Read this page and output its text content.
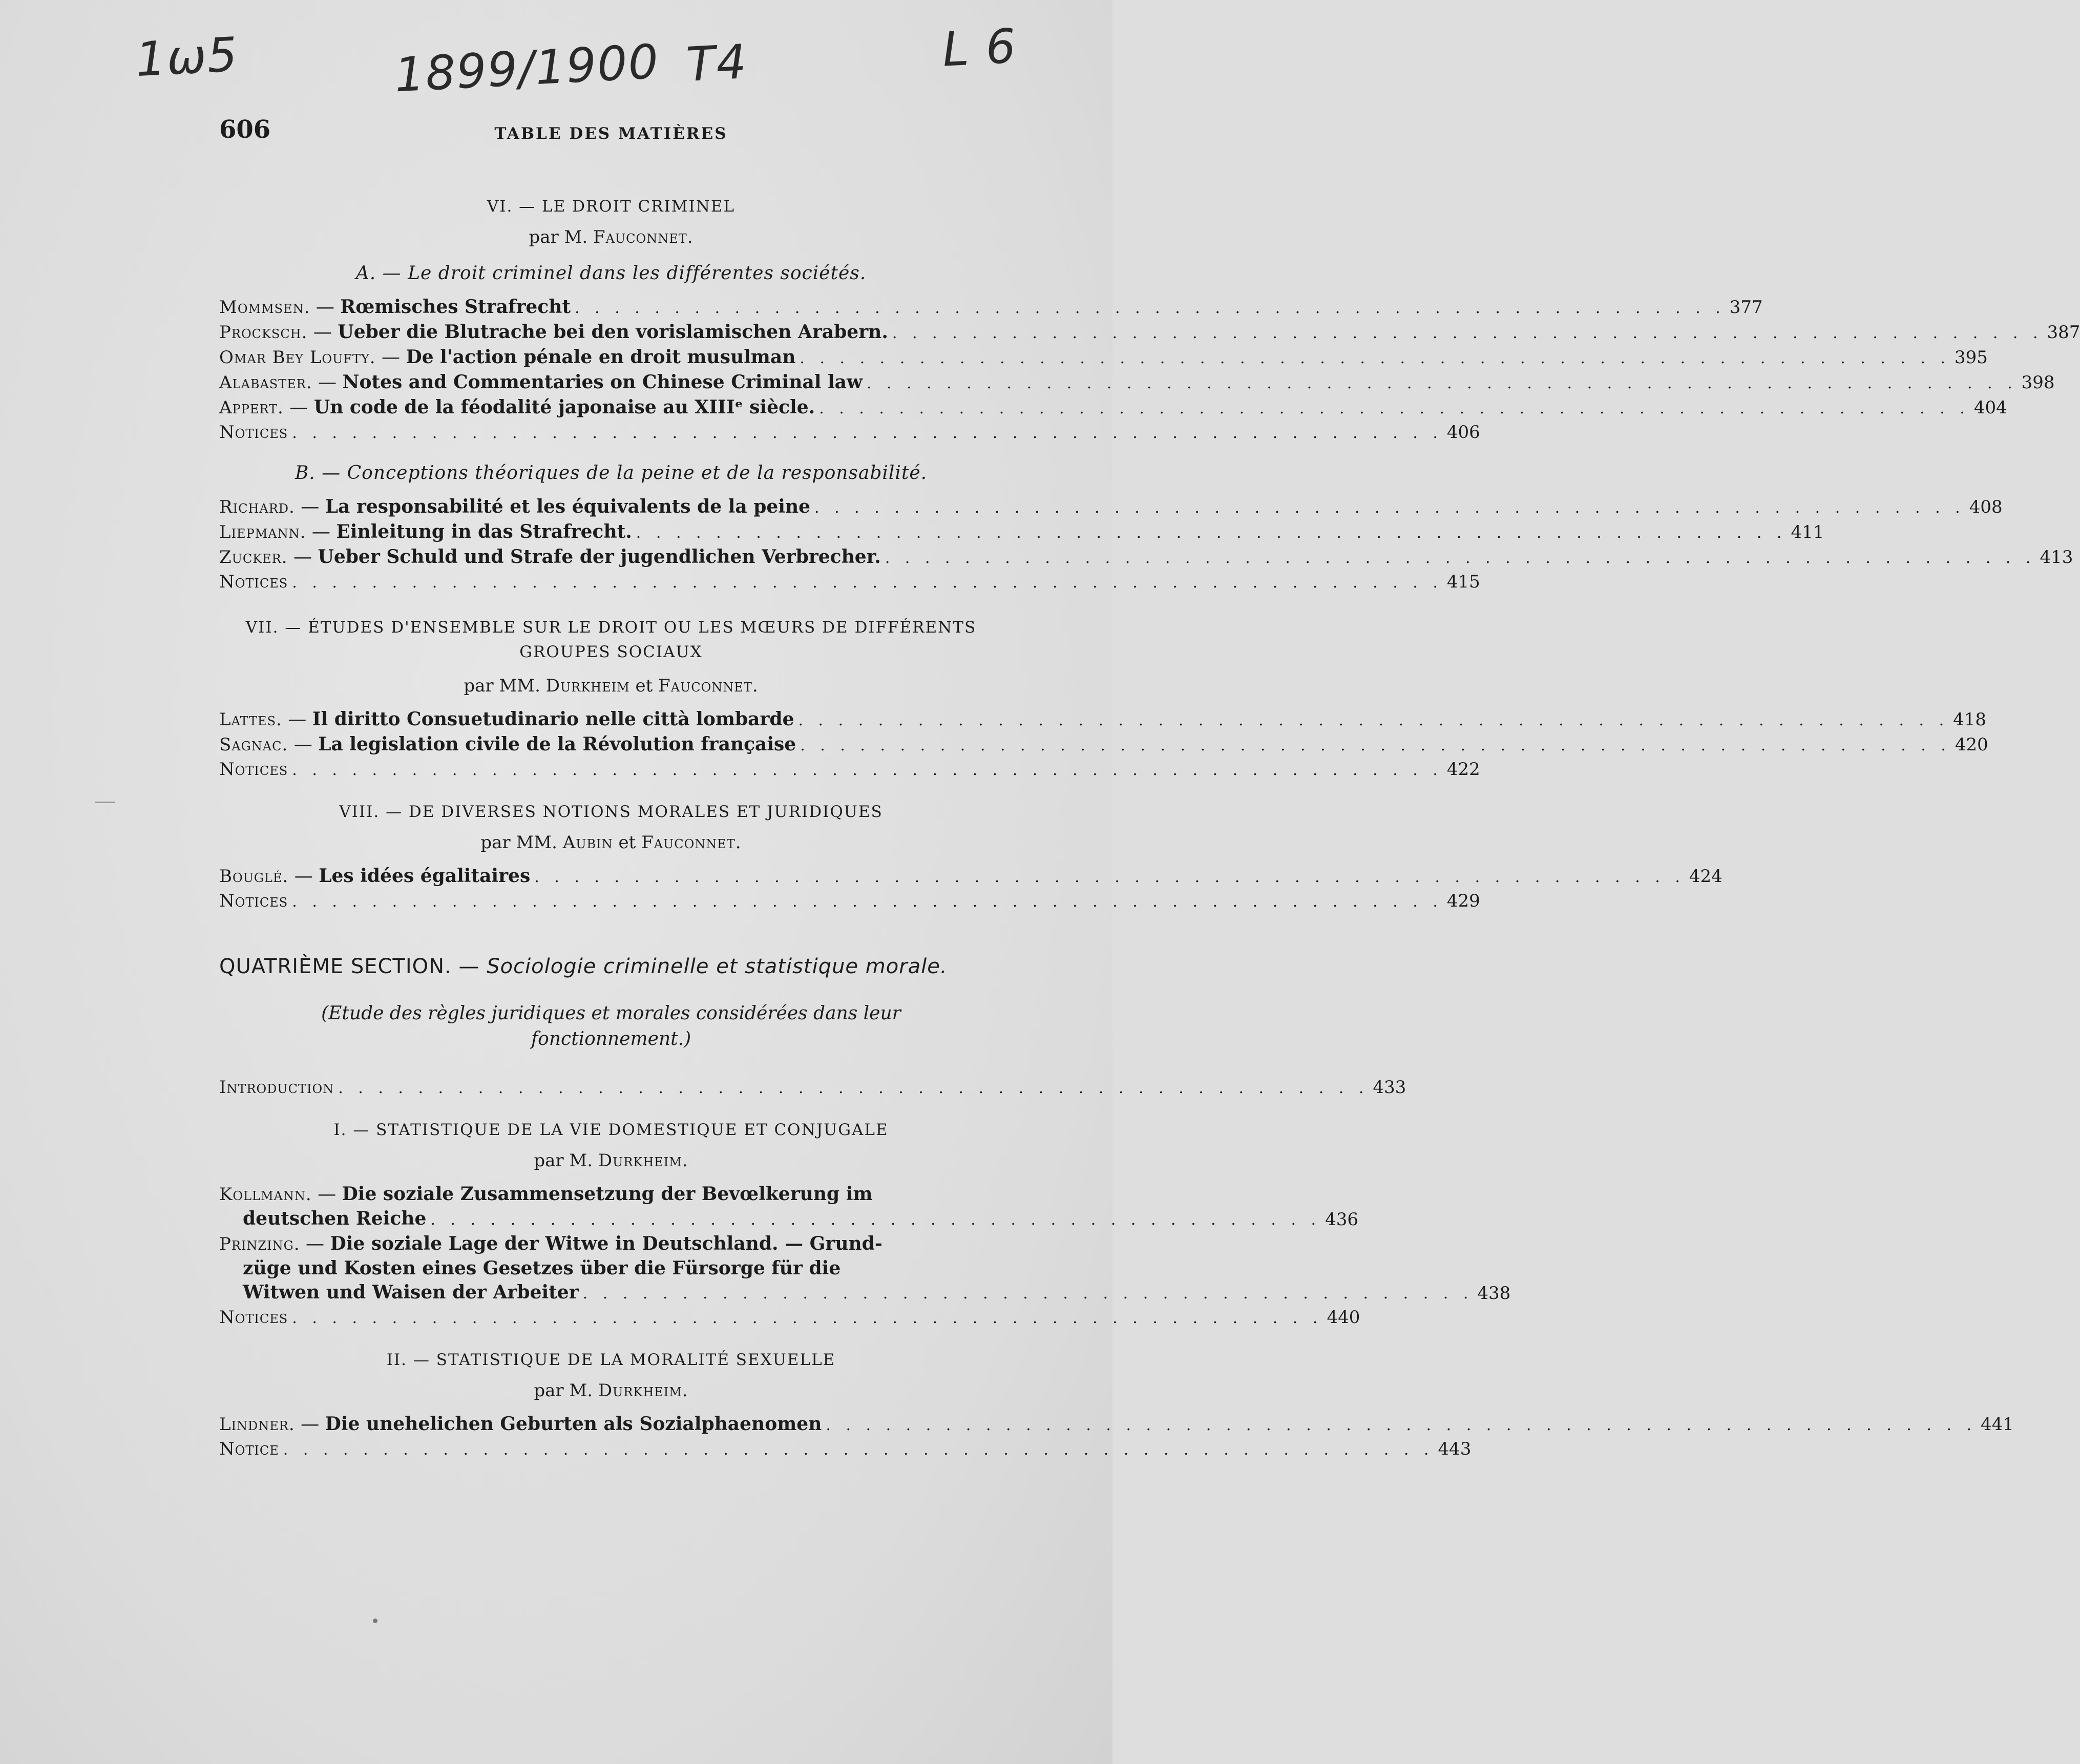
1ω5	1899/1900 T4	L 6
606	TABLE DES MATIÈRES
VI. — LE DROIT CRIMINEL
par M. Fauconnet.
A. — Le droit criminel dans les différentes sociétés.
Mommsen. — Rœmisches Strafrecht . . . . . . . . . . . . . . . . . . . . . . . . . . . . . . . . . . . . . . . . . . . . . . . . . . . . . . . . . . 377
Procksch. — Ueber die Blutrache bei den vorislamischen Arabern. . . . . . . . . . . . . . . . . . . . . . . . . . . . . . . . . . . . . . . . . . . . . . . . . . . . . . . . . . . 387
Omar Bey Loufty. — De l'action pénale en droit musulman . . . . . . . . . . . . . . . . . . . . . . . . . . . . . . . . . . . . . . . . . . . . . . . . . . . . . . . . . . 395
Alabaster. — Notes and Commentaries on Chinese Criminal law . . . . . . . . . . . . . . . . . . . . . . . . . . . . . . . . . . . . . . . . . . . . . . . . . . . . . . . . . . 398
Appert. — Un code de la féodalité japonaise au XIIIᵉ siècle. . . . . . . . . . . . . . . . . . . . . . . . . . . . . . . . . . . . . . . . . . . . . . . . . . . . . . . . . . . 404
Notices . . . . . . . . . . . . . . . . . . . . . . . . . . . . . . . . . . . . . . . . . . . . . . . . . . . . . . . . . . 406
B. — Conceptions théoriques de la peine et de la responsabilité.
Richard. — La responsabilité et les équivalents de la peine . . . . . . . . . . . . . . . . . . . . . . . . . . . . . . . . . . . . . . . . . . . . . . . . . . . . . . . . . . 408
Liepmann. — Einleitung in das Strafrecht. . . . . . . . . . . . . . . . . . . . . . . . . . . . . . . . . . . . . . . . . . . . . . . . . . . . . . . . . . . 411
Zucker. — Ueber Schuld und Strafe der jugendlichen Verbrecher. . . . . . . . . . . . . . . . . . . . . . . . . . . . . . . . . . . . . . . . . . . . . . . . . . . . . . . . . . . 413
Notices . . . . . . . . . . . . . . . . . . . . . . . . . . . . . . . . . . . . . . . . . . . . . . . . . . . . . . . . . . 415
VII. — ÉTUDES D'ENSEMBLE SUR LE DROIT OU LES MŒURS DE DIFFÉRENTS
GROUPES SOCIAUX
par MM. Durkheim et Fauconnet.
Lattes. — Il diritto Consuetudinario nelle città lombarde . . . . . . . . . . . . . . . . . . . . . . . . . . . . . . . . . . . . . . . . . . . . . . . . . . . . . . . . . . 418
Sagnac. — La legislation civile de la Révolution française . . . . . . . . . . . . . . . . . . . . . . . . . . . . . . . . . . . . . . . . . . . . . . . . . . . . . . . . . . 420
Notices . . . . . . . . . . . . . . . . . . . . . . . . . . . . . . . . . . . . . . . . . . . . . . . . . . . . . . . . . . 422
VIII. — DE DIVERSES NOTIONS MORALES ET JURIDIQUES
par MM. Aubin et Fauconnet.
Bouglé. — Les idées égalitaires . . . . . . . . . . . . . . . . . . . . . . . . . . . . . . . . . . . . . . . . . . . . . . . . . . . . . . . . . . 424
Notices . . . . . . . . . . . . . . . . . . . . . . . . . . . . . . . . . . . . . . . . . . . . . . . . . . . . . . . . . . 429
QUATRIÈME SECTION. — Sociologie criminelle et statistique morale.
(Etude des règles juridiques et morales considérées dans leur fonctionnement.)
Introduction . . . . . . . . . . . . . . . . . . . . . . . . . . . . . . . . . . . . . . . . . . . . . . . . . . . . 433
I. — STATISTIQUE DE LA VIE DOMESTIQUE ET CONJUGALE
par M. Durkheim.
Kollmann. — Die soziale Zusammensetzung der Bevœlkerung im
deutschen Reiche . . . . . . . . . . . . . . . . . . . . . . . . . . . . . . . . . . . . . . . . . . . . . 436
Prinzing. — Die soziale Lage der Witwe in Deutschland. — Grund-
züge und Kosten eines Gesetzes über die Fürsorge für die
Witwen und Waisen der Arbeiter . . . . . . . . . . . . . . . . . . . . . . . . . . . . . . . . . . . . . . . . . . . . . 438
Notices . . . . . . . . . . . . . . . . . . . . . . . . . . . . . . . . . . . . . . . . . . . . . . . . . . . . 440
II. — STATISTIQUE DE LA MORALITÉ SEXUELLE
par M. Durkheim.
Lindner. — Die unehelichen Geburten als Sozialphaenomen . . . . . . . . . . . . . . . . . . . . . . . . . . . . . . . . . . . . . . . . . . . . . . . . . . . . . . . . . . 441
Notice . . . . . . . . . . . . . . . . . . . . . . . . . . . . . . . . . . . . . . . . . . . . . . . . . . . . . . . . . . 443
